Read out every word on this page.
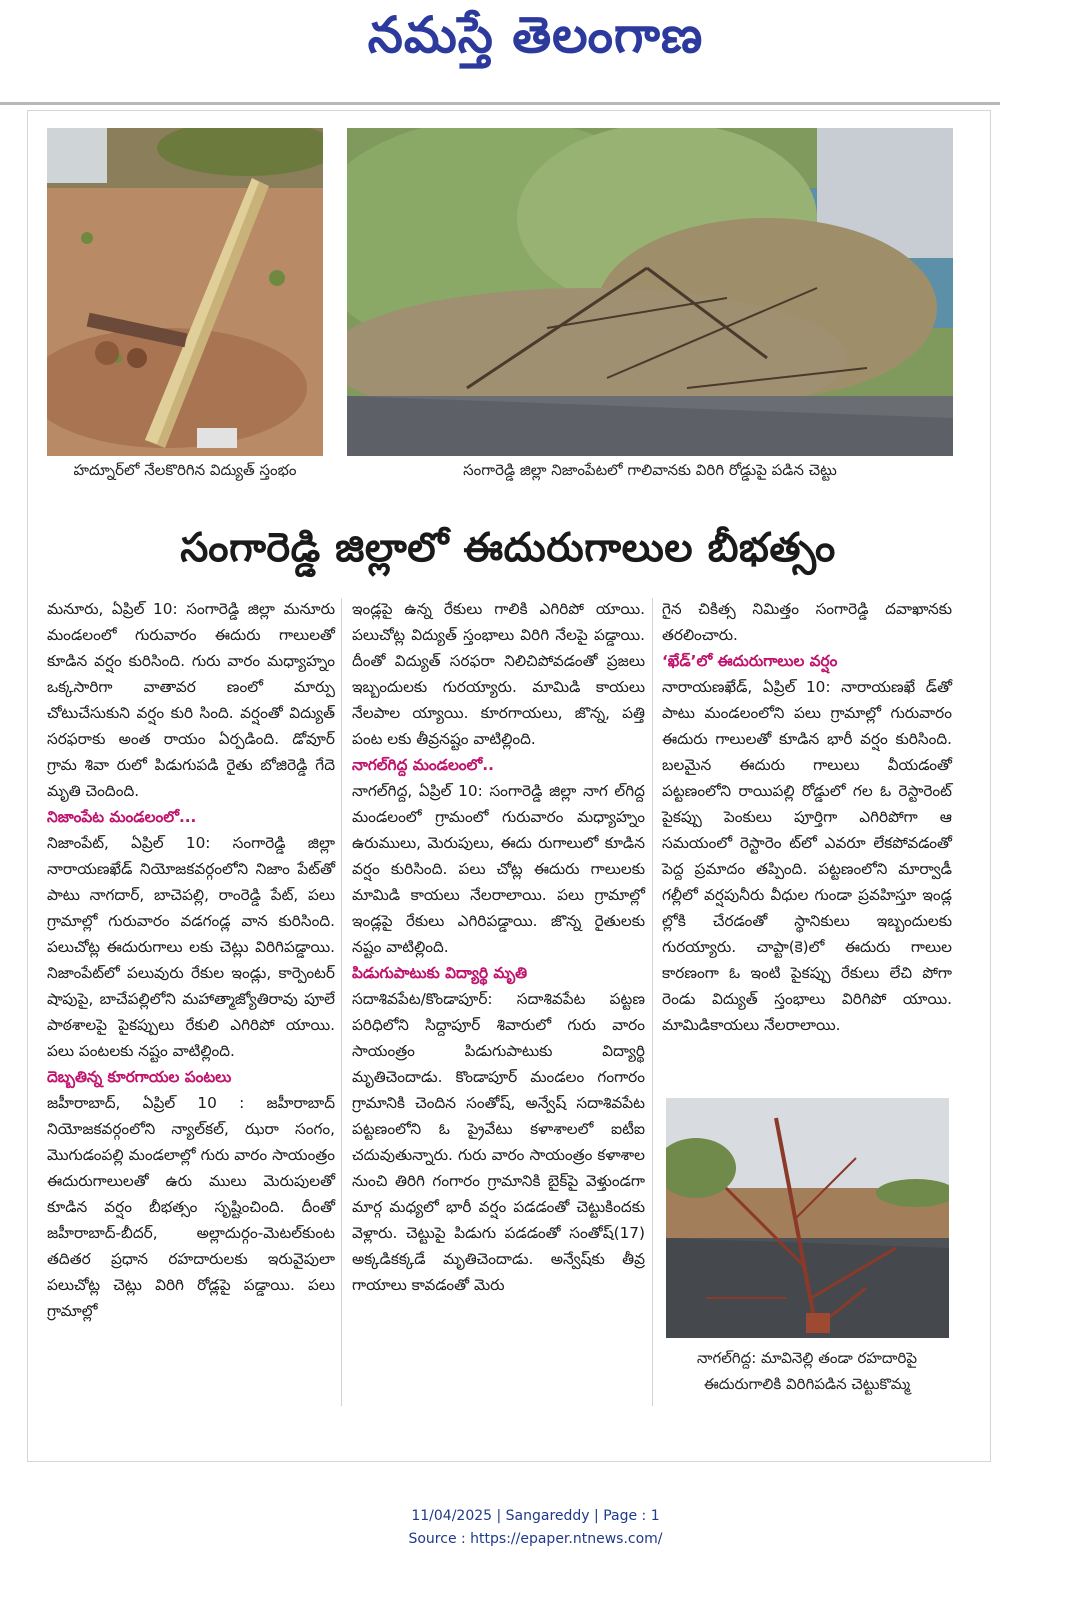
నమస్తే తెలంగాణ
హద్నూర్‌లో నేలకొరిగిన విద్యుత్ స్తంభం	సంగారెడ్డి జిల్లా నిజాంపేటలో గాలివానకు విరిగి రోడ్డుపై పడిన చెట్టు
సంగారెడ్డి జిల్లాలో ఈదురుగాలుల బీభత్సం

మనూరు, ఏప్రిల్ 10: సంగారెడ్డి జిల్లా మనూరు మండలంలో గురువారం ఈదురు గాలులతో కూడిన వర్షం కురిసింది. గురు వారం మధ్యాహ్నం ఒక్కసారిగా వాతావర ణంలో మార్పు చోటుచేసుకుని వర్షం కురి సింది. వర్షంతో విద్యుత్ సరఫరాకు అంత రాయం ఏర్పడింది. డోవూర్ గ్రామ శివా రులో పిడుగుపడి రైతు బోజిరెడ్డి గేదె మృతి చెందింది.

నిజాంపేట మండలంలో...

నిజాంపేట్, ఏప్రిల్ 10: సంగారెడ్డి జిల్లా నారాయణఖేడ్ నియోజకవర్గంలోని నిజాం పేట్‌తో పాటు నాగదార్, బాచెపల్లి, రాంరెడ్డి పేట్, పలు గ్రామాల్లో గురువారం వడగండ్ల వాన కురిసింది. పలుచోట్ల ఈదురుగాలు లకు చెట్లు విరిగిపడ్డాయి. నిజాంపేట్‌లో పలువురు రేకుల ఇండ్లు, కార్పెంటర్ షాపుపై, బాచేపల్లిలోని మహాత్మాజ్యోతిరావు పూలే పాఠశాలపై పైకప్పులు రేకులి ఎగిరిపో యాయి. పలు పంటలకు నష్టం వాటిల్లింది.

దెబ్బతిన్న కూరగాయల పంటలు

జహీరాబాద్, ఏప్రిల్ 10 : జహీరాబాద్ నియోజకవర్గంలోని న్యాల్‌కల్, ఝరా సంగం, మొగుడంపల్లి మండలాల్లో గురు వారం సాయంత్రం ఈదురుగాలులతో ఉరు ములు మెరుపులతో కూడిన వర్షం బీభత్సం సృష్టించింది. దీంతో జహీరాబాద్-బీదర్, అల్లాదుర్గం-మెటల్‌కుంట తదితర ప్రధాన రహదారులకు ఇరువైపులా పలుచోట్ల చెట్లు విరిగి రోడ్లపై పడ్డాయి. పలు గ్రామాల్లో

ఇండ్లపై ఉన్న రేకులు గాలికి ఎగిరిపో యాయి. పలుచోట్ల విద్యుత్ స్తంభాలు విరిగి నేలపై పడ్డాయి. దీంతో విద్యుత్ సరఫరా నిలిచిపోవడంతో ప్రజలు ఇబ్బందులకు గురయ్యారు. మామిడి కాయలు నేలపాల య్యాయి. కూరగాయలు, జొన్న, పత్తి పంట లకు తీవ్రనష్టం వాటిల్లింది.

నాగల్‌గిద్ద మండలంలో..

నాగల్‌గిద్ద, ఏప్రిల్ 10: సంగారెడ్డి జిల్లా నాగ ల్‌గిద్ద మండలంలో గ్రామంలో గురువారం మధ్యాహ్నం ఉరుములు, మెరుపులు, ఈదు రుగాలులో కూడిన వర్షం కురిసింది. పలు చోట్ల ఈదురు గాలులకు మామిడి కాయలు నేలరాలాయి. పలు గ్రామాల్లో ఇండ్లపై రేకులు ఎగిరిపడ్డాయి. జొన్న రైతులకు నష్టం వాటిల్లింది.

పిడుగుపాటుకు విద్యార్థి మృతి

సదాశివపేట/కొండాపూర్: సదాశివపేట పట్టణ పరిధిలోని సిద్దాపూర్ శివారులో గురు వారం సాయంత్రం పిడుగుపాటుకు విద్యార్థి మృతిచెందాడు. కొండాపూర్ మండలం గంగారం గ్రామానికి చెందిన సంతోష్, అన్వేష్ సదాశివపేట పట్టణంలోని ఓ ప్రైవేటు కళాశాలలో ఐటీఐ చదువుతున్నారు. గురు వారం సాయంత్రం కళాశాల నుంచి తిరిగి గంగారం గ్రామానికి బైక్‌పై వెళ్తుండగా మార్గ మధ్యలో భారీ వర్షం పడడంతో చెట్టుకిందకు వెళ్లారు. చెట్టుపై పిడుగు పడడంతో సంతోష్(17) అక్కడికక్కడే మృతిచెందాడు. అన్వేష్‌కు తీవ్ర గాయాలు కావడంతో మెరు

గైన చికిత్స నిమిత్తం సంగారెడ్డి దవాఖానకు తరలించారు.

‘ఖేడ్’లో ఈదురుగాలుల వర్షం

నారాయణఖేడ్, ఏప్రిల్ 10: నారాయణఖే డ్‌తో పాటు మండలంలోని పలు గ్రామాల్లో గురువారం ఈదురు గాలులతో కూడిన భారీ వర్షం కురిసింది. బలమైన ఈదురు గాలులు వీయడంతో పట్టణంలోని రాయిపల్లి రోడ్డులో గల ఓ రెస్టారెంట్ పైకప్పు పెంకులు పూర్తిగా ఎగిరిపోగా ఆ సమయంలో రెస్టారెం ట్‌లో ఎవరూ లేకపోవడంతో పెద్ద ప్రమాదం తప్పింది. పట్టణంలోని మార్వాడీ గల్లీలో వర్షపునీరు వీధుల గుండా ప్రవహిస్తూ ఇండ్ల ల్లోకి చేరడంతో స్థానికులు ఇబ్బందులకు గురయ్యారు. చాప్టా(కె)లో ఈదురు గాలుల కారణంగా ఓ ఇంటి పైకప్పు రేకులు లేచి పోగా రెండు విద్యుత్ స్తంభాలు విరిగిపో యాయి. మామిడికాయలు నేలరాలాయి.

నాగల్‌గిద్ద: మావినెల్లి తండా రహదారిపై
ఈదురుగాలికి విరిగిపడిన చెట్టుకొమ్మ
11/04/2025 | Sangareddy | Page : 1
Source : https://epaper.ntnews.com/
